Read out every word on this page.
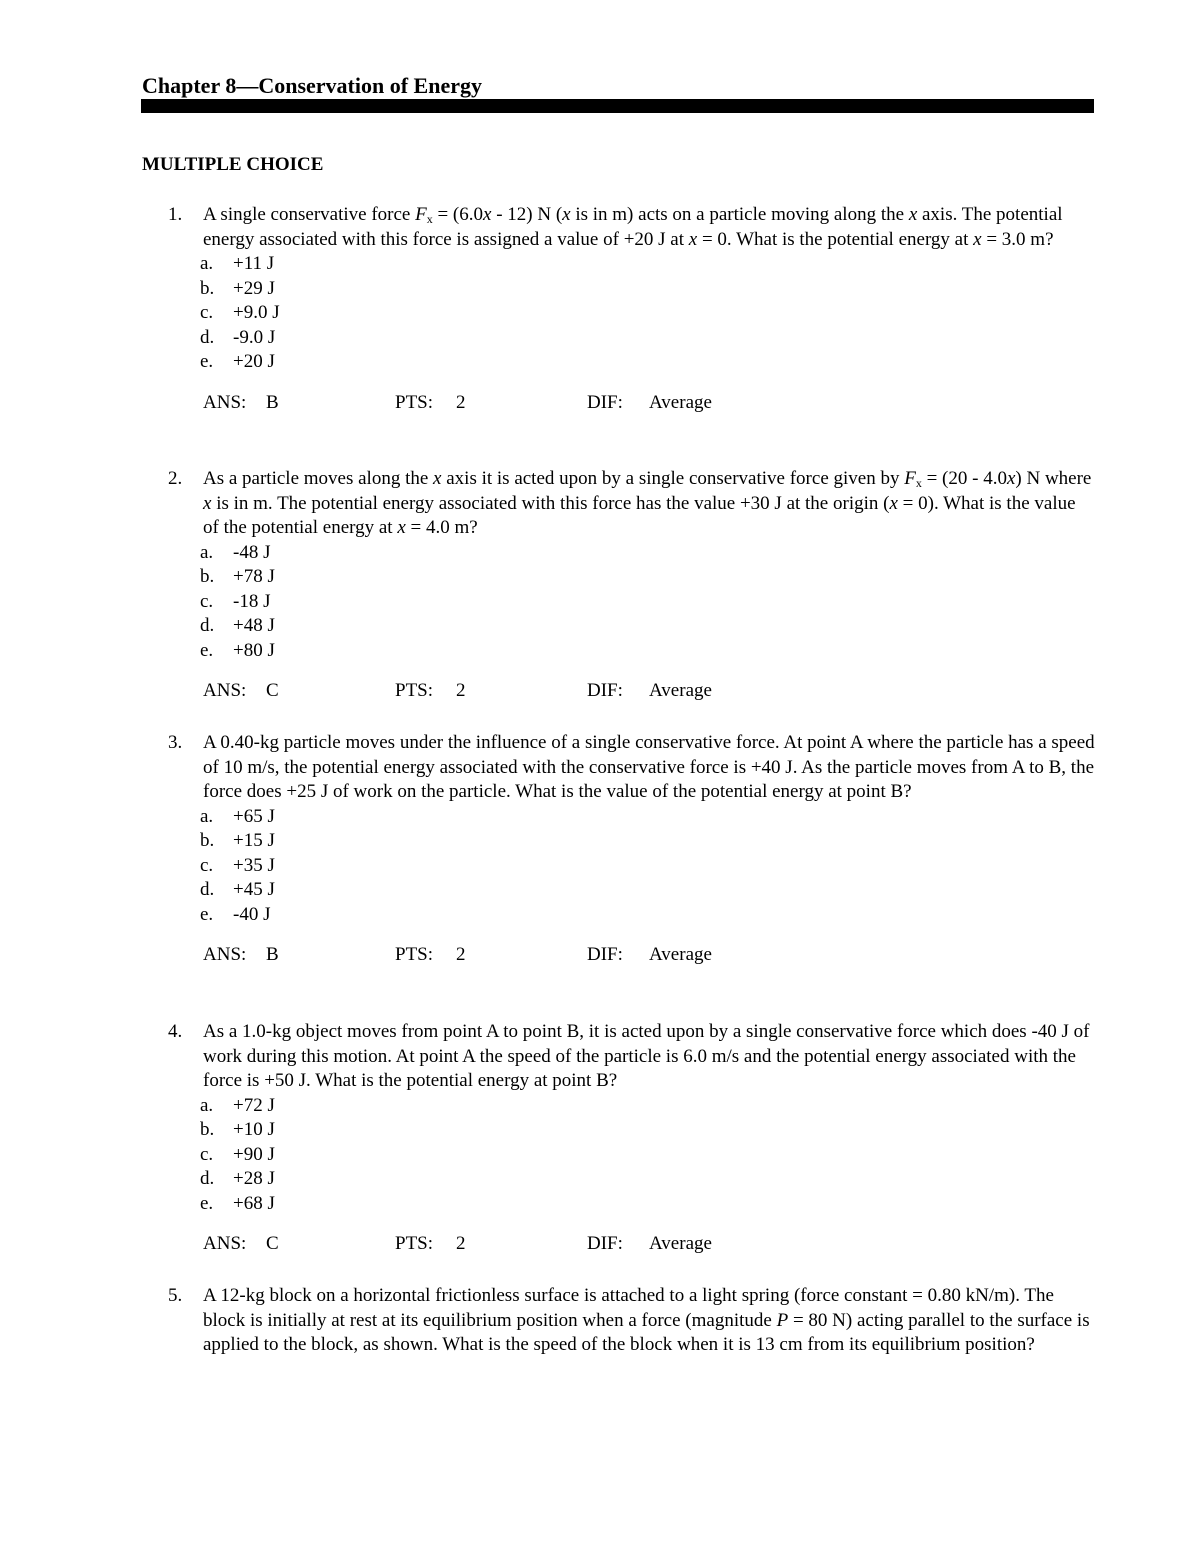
Chapter 8—Conservation of Energy
MULTIPLE CHOICE
1.	A single conservative force $F_x = (6.0x - 12)$ N (x is in m) acts on a particle moving along the x axis. The potential energy associated with this force is assigned a value of +20 J at x = 0. What is the potential energy at x = 3.0 m?
a. +11 J
b. +29 J
c. +9.0 J
d. -9.0 J
e. +20 J
ANS: B	PTS: 2	DIF: Average
2.	As a particle moves along the x axis it is acted upon by a single conservative force given by $F_x = (20 - 4.0x)$ N where x is in m. The potential energy associated with this force has the value +30 J at the origin (x = 0). What is the value of the potential energy at x = 4.0 m?
a. -48 J
b. +78 J
c. -18 J
d. +48 J
e. +80 J
ANS: C	PTS: 2	DIF: Average
3.	A 0.40-kg particle moves under the influence of a single conservative force. At point A where the particle has a speed of 10 m/s, the potential energy associated with the conservative force is +40 J. As the particle moves from A to B, the force does +25 J of work on the particle. What is the value of the potential energy at point B?
a. +65 J
b. +15 J
c. +35 J
d. +45 J
e. -40 J
ANS: B	PTS: 2	DIF: Average
4.	As a 1.0-kg object moves from point A to point B, it is acted upon by a single conservative force which does -40 J of work during this motion. At point A the speed of the particle is 6.0 m/s and the potential energy associated with the force is +50 J. What is the potential energy at point B?
a. +72 J
b. +10 J
c. +90 J
d. +28 J
e. +68 J
ANS: C	PTS: 2	DIF: Average
5.	A 12-kg block on a horizontal frictionless surface is attached to a light spring (force constant = 0.80 kN/m). The block is initially at rest at its equilibrium position when a force (magnitude P = 80 N) acting parallel to the surface is applied to the block, as shown. What is the speed of the block when it is 13 cm from its equilibrium position?
